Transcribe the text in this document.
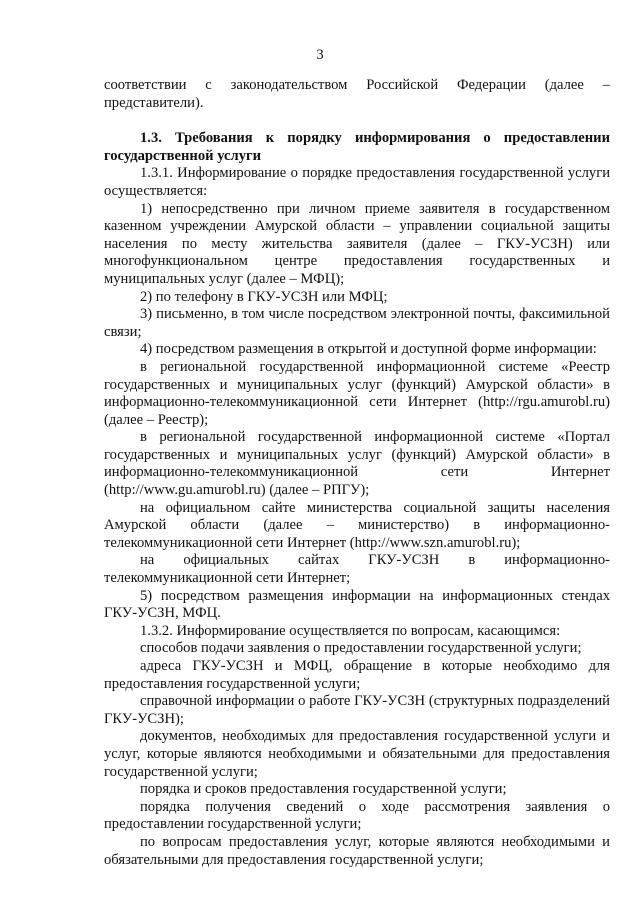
3

соответствии с законодательством Российской Федерации (далее – представители).

1.3. Требования к порядку информирования о предоставлении государственной услуги

1.3.1. Информирование о порядке предоставления государственной услуги осуществляется:

1) непосредственно при личном приеме заявителя в государственном казенном учреждении Амурской области – управлении социальной защиты населения по месту жительства заявителя (далее – ГКУ-УСЗН) или многофункциональном центре предоставления государственных и муниципальных услуг (далее – МФЦ);

2) по телефону в ГКУ-УСЗН или МФЦ;

3) письменно, в том числе посредством электронной почты, факсимильной связи;

4) посредством размещения в открытой и доступной форме информации:

в региональной государственной информационной системе «Реестр государственных и муниципальных услуг (функций) Амурской области» в информационно-телекоммуникационной сети Интернет (http://rgu.amurobl.ru) (далее – Реестр);

в региональной государственной информационной системе «Портал государственных и муниципальных услуг (функций) Амурской области» в информационно-телекоммуникационной сети Интернет (http://www.gu.amurobl.ru) (далее – РПГУ);

на официальном сайте министерства социальной защиты населения Амурской области (далее – министерство) в информационно-телекоммуникационной сети Интернет (http://www.szn.amurobl.ru);

на официальных сайтах ГКУ-УСЗН в информационно-телекоммуникационной сети Интернет;

5) посредством размещения информации на информационных стендах ГКУ-УСЗН, МФЦ.

1.3.2. Информирование осуществляется по вопросам, касающимся:

способов подачи заявления о предоставлении государственной услуги;

адреса ГКУ-УСЗН и МФЦ, обращение в которые необходимо для предоставления государственной услуги;

справочной информации о работе ГКУ-УСЗН (структурных подразделений ГКУ-УСЗН);

документов, необходимых для предоставления государственной услуги и услуг, которые являются необходимыми и обязательными для предоставления государственной услуги;

порядка и сроков предоставления государственной услуги;

порядка получения сведений о ходе рассмотрения заявления о предоставлении государственной услуги;

по вопросам предоставления услуг, которые являются необходимыми и обязательными для предоставления государственной услуги;
